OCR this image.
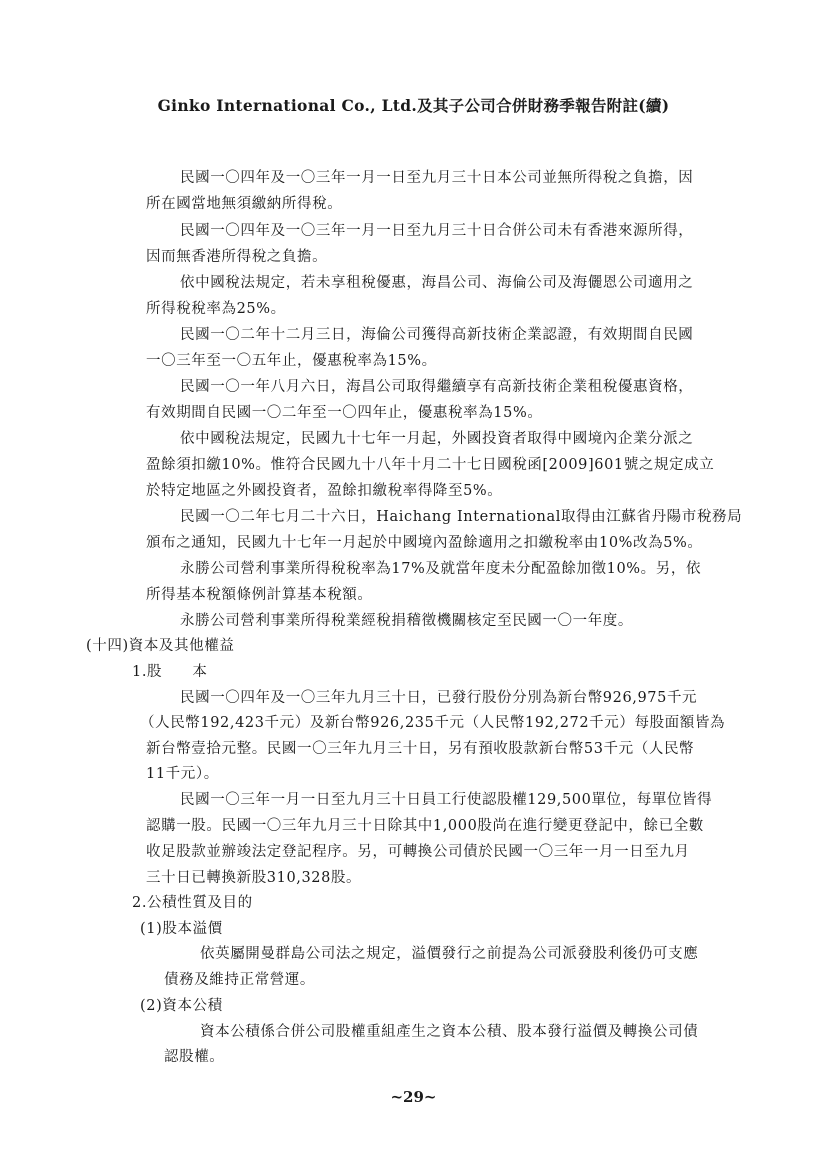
Ginko International Co., Ltd.及其子公司合併財務季報告附註(續)
民國一〇四年及一〇三年一月一日至九月三十日本公司並無所得稅之負擔，因
所在國當地無須繳納所得稅。
民國一〇四年及一〇三年一月一日至九月三十日合併公司未有香港來源所得，
因而無香港所得稅之負擔。
依中國稅法規定，若未享租稅優惠，海昌公司、海倫公司及海儷恩公司適用之
所得稅稅率為25%。
民國一〇二年十二月三日，海倫公司獲得高新技術企業認證，有效期間自民國
一〇三年至一〇五年止，優惠稅率為15%。
民國一〇一年八月六日，海昌公司取得繼續享有高新技術企業租稅優惠資格，
有效期間自民國一〇二年至一〇四年止，優惠稅率為15%。
依中國稅法規定，民國九十七年一月起，外國投資者取得中國境內企業分派之
盈餘須扣繳10%。惟符合民國九十八年十月二十七日國稅函[2009]601號之規定成立
於特定地區之外國投資者，盈餘扣繳稅率得降至5%。
民國一〇二年七月二十六日，Haichang International取得由江蘇省丹陽市稅務局
頒布之通知，民國九十七年一月起於中國境內盈餘適用之扣繳稅率由10%改為5%。
永勝公司營利事業所得稅稅率為17%及就當年度未分配盈餘加徵10%。另，依
所得基本稅額條例計算基本稅額。
永勝公司營利事業所得稅業經稅捐稽徵機關核定至民國一〇一年度。
(十四)資本及其他權益
1.股　　本
民國一〇四年及一〇三年九月三十日，已發行股份分別為新台幣926,975千元
（人民幣192,423千元）及新台幣926,235千元（人民幣192,272千元）每股面額皆為
新台幣壹拾元整。民國一〇三年九月三十日，另有預收股款新台幣53千元（人民幣
11千元）。
民國一〇三年一月一日至九月三十日員工行使認股權129,500單位，每單位皆得
認購一股。民國一〇三年九月三十日除其中1,000股尚在進行變更登記中，餘已全數
收足股款並辦竣法定登記程序。另，可轉換公司債於民國一〇三年一月一日至九月
三十日已轉換新股310,328股。
2.公積性質及目的
(1)股本溢價
依英屬開曼群島公司法之規定，溢價發行之前提為公司派發股利後仍可支應
債務及維持正常營運。
(2)資本公積
資本公積係合併公司股權重組產生之資本公積、股本發行溢價及轉換公司債
認股權。
~29~
